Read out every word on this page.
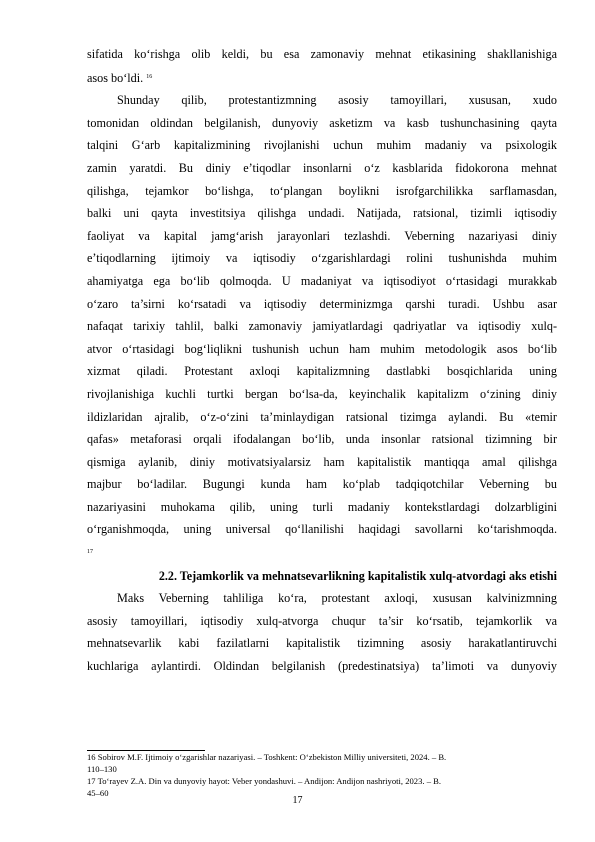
sifatida ko‘rishga olib keldi, bu esa zamonaviy mehnat etikasining shakllanishiga
asos bo‘ldi. $^{16}$
Shunday qilib, protestantizmning asosiy tamoyillari, xususan, xudo
tomonidan oldindan belgilanish, dunyoviy asketizm va kasb tushunchasining qayta
talqini G‘arb kapitalizmining rivojlanishi uchun muhim madaniy va psixologik
zamin yaratdi. Bu diniy e’tiqodlar insonlarni o‘z kasblarida fidokorona mehnat
qilishga, tejamkor bo‘lishga, to‘plangan boylikni isrofgarchilikka sarflamasdan,
balki uni qayta investitsiya qilishga undadi. Natijada, ratsional, tizimli iqtisodiy
faoliyat va kapital jamg‘arish jarayonlari tezlashdi. Veberning nazariyasi diniy
e’tiqodlarning ijtimoiy va iqtisodiy o‘zgarishlardagi rolini tushunishda muhim
ahamiyatga ega bo‘lib qolmoqda. U madaniyat va iqtisodiyot o‘rtasidagi murakkab
o‘zaro ta’sirni ko‘rsatadi va iqtisodiy determinizmga qarshi turadi. Ushbu asar
nafaqat tarixiy tahlil, balki zamonaviy jamiyatlardagi qadriyatlar va iqtisodiy xulq-
atvor o‘rtasidagi bog‘liqlikni tushunish uchun ham muhim metodologik asos bo‘lib
xizmat qiladi. Protestant axloqi kapitalizmning dastlabki bosqichlarida uning
rivojlanishiga kuchli turtki bergan bo‘lsa-da, keyinchalik kapitalizm o‘zining diniy
ildizlaridan ajralib, o‘z-o‘zini ta’minlaydigan ratsional tizimga aylandi. Bu «temir
qafas» metaforasi orqali ifodalangan bo‘lib, unda insonlar ratsional tizimning bir
qismiga aylanib, diniy motivatsiyalarsiz ham kapitalistik mantiqqa amal qilishga
majbur bo‘ladilar. Bugungi kunda ham ko‘plab tadqiqotchilar Veberning bu
nazariyasini muhokama qilib, uning turli madaniy kontekstlardagi dolzarbligini
o‘rganishmoqda, uning universal qo‘llanilishi haqidagi savollarni ko‘tarishmoqda.
$^{17}$
2.2. Tejamkorlik va mehnatsevarlikning kapitalistik xulq-atvordagi aks etishi
Maks Veberning tahliliga ko‘ra, protestant axloqi, xususan kalvinizmning
asosiy tamoyillari, iqtisodiy xulq-atvorga chuqur ta’sir ko‘rsatib, tejamkorlik va
mehnatsevarlik kabi fazilatlarni kapitalistik tizimning asosiy harakatlantiruvchi
kuchlariga aylantirdi. Oldindan belgilanish (predestinatsiya) ta’limoti va dunyoviy
16 Sobirov M.F. Ijtimoiy o‘zgarishlar nazariyasi. – Toshkent: O‘zbekiston Milliy universiteti, 2024. – B.
110–130
17 To‘rayev Z.A. Din va dunyoviy hayot: Veber yondashuvi. – Andijon: Andijon nashriyoti, 2023. – B.
45–60
17
